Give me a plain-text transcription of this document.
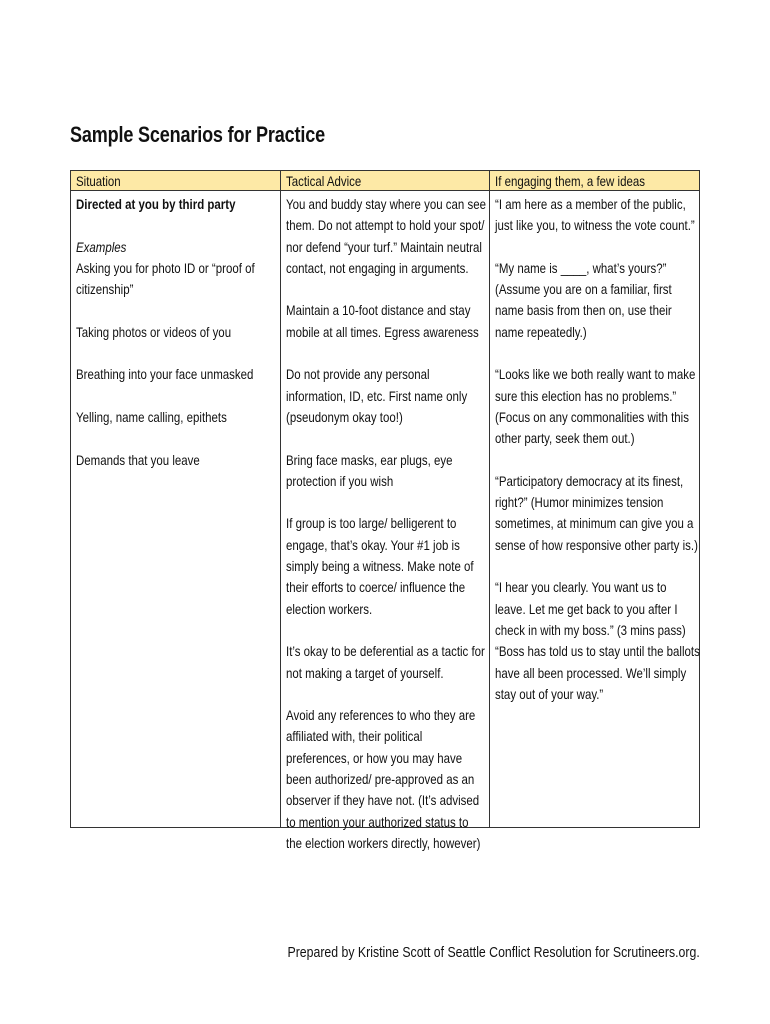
Sample Scenarios for Practice
Situation

Directed at you by third party

Examples

Asking you for photo ID or “proof of citizenship”

Taking photos or videos of you

Breathing into your face unmasked

Yelling, name calling, epithets

Demands that you leave

Tactical Advice

You and buddy stay where you can see them. Do not attempt to hold your spot/ nor defend “your turf.” Maintain neutral contact, not engaging in arguments.

Maintain a 10-foot distance and stay mobile at all times. Egress awareness

Do not provide any personal information, ID, etc. First name only (pseudonym okay too!)

Bring face masks, ear plugs, eye protection if you wish

If group is too large/ belligerent to engage, that’s okay. Your #1 job is simply being a witness. Make note of their efforts to coerce/ influence the election workers.

It’s okay to be deferential as a tactic for not making a target of yourself.

Avoid any references to who they are affiliated with, their political preferences, or how you may have been authorized/ pre-approved as an observer if they have not. (It’s advised to mention your authorized status to the election workers directly, however)

If engaging them, a few ideas

“I am here as a member of the public, just like you, to witness the vote count.”

“My name is ____, what’s yours?” (Assume you are on a familiar, first name basis from then on, use their name repeatedly.)

“Looks like we both really want to make sure this election has no problems.” (Focus on any commonalities with this other party, seek them out.)

“Participatory democracy at its finest, right?” (Humor minimizes tension sometimes, at minimum can give you a sense of how responsive other party is.)

“I hear you clearly. You want us to leave. Let me get back to you after I check in with my boss.” (3 mins pass) “Boss has told us to stay until the ballots have all been processed. We’ll simply stay out of your way.”

Prepared by Kristine Scott of Seattle Conflict Resolution for Scrutineers.org.
